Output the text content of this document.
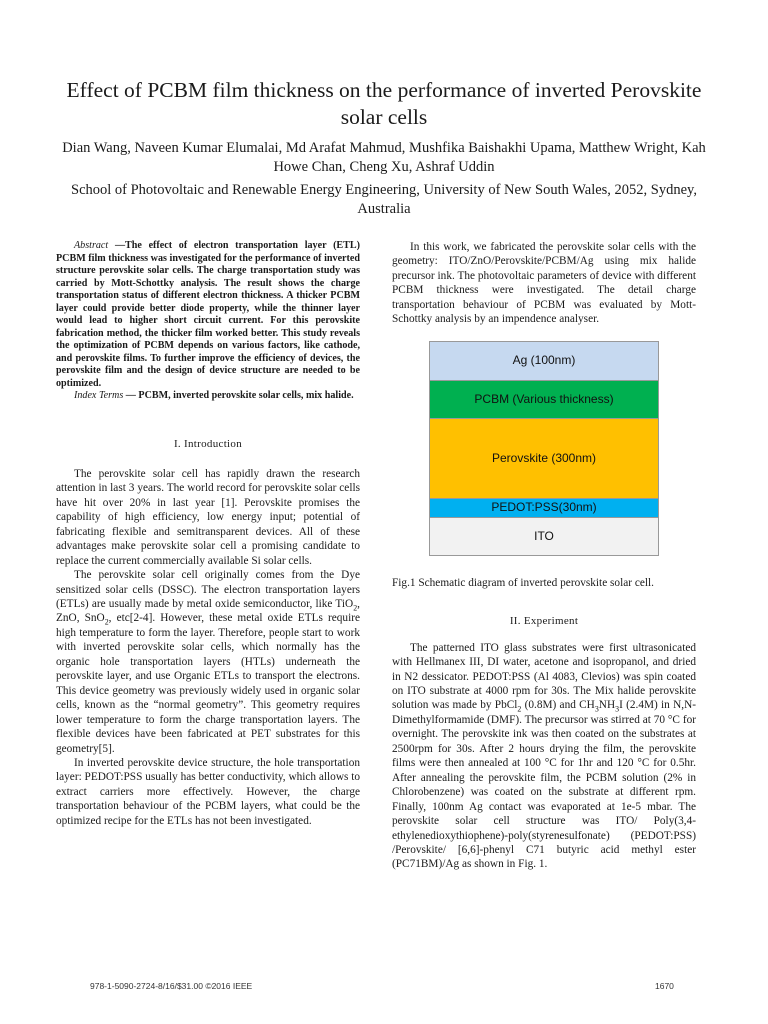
Effect of PCBM film thickness on the performance of inverted Perovskite solar cells
Dian Wang, Naveen Kumar Elumalai, Md Arafat Mahmud, Mushfika Baishakhi Upama, Matthew Wright, Kah Howe Chan, Cheng Xu, Ashraf Uddin
School of Photovoltaic and Renewable Energy Engineering, University of New South Wales, 2052, Sydney, Australia

Abstract —The effect of electron transportation layer (ETL) PCBM film thickness was investigated for the performance of inverted structure perovskite solar cells. The charge transportation study was carried by Mott-Schottky analysis. The result shows the charge transportation status of different electron thickness. A thicker PCBM layer could provide better diode property, while the thinner layer would lead to higher short circuit current. For this perovskite fabrication method, the thicker film worked better. This study reveals the optimization of PCBM depends on various factors, like cathode, and perovskite films. To further improve the efficiency of devices, the perovskite film and the design of device structure are needed to be optimized.

Index Terms — PCBM, inverted perovskite solar cells, mix halide.

I. Introduction

The perovskite solar cell has rapidly drawn the research attention in last 3 years. The world record for perovskite solar cells have hit over 20% in last year [1]. Perovskite promises the capability of high efficiency, low energy input; potential of fabricating flexible and semitransparent devices. All of these advantages make perovskite solar cell a promising candidate to replace the current commercially available Si solar cells.

The perovskite solar cell originally comes from the Dye sensitized solar cells (DSSC). The electron transportation layers (ETLs) are usually made by metal oxide semiconductor, like TiO$_2$, ZnO, SnO$_2$, etc[2-4]. However, these metal oxide ETLs require high temperature to form the layer. Therefore, people start to work with inverted perovskite solar cells, which normally has the organic hole transportation layers (HTLs) underneath the perovskite layer, and use Organic ETLs to transport the electrons. This device geometry was previously widely used in organic solar cells, known as the “normal geometry”. This geometry requires lower temperature to form the charge transportation layers. The flexible devices have been fabricated at PET substrates for this geometry[5].

In inverted perovskite device structure, the hole transportation layer: PEDOT:PSS usually has better conductivity, which allows to extract carriers more effectively. However, the charge transportation behaviour of the PCBM layers, what could be the optimized recipe for the ETLs has not been investigated.

In this work, we fabricated the perovskite solar cells with the geometry: ITO/ZnO/Perovskite/PCBM/Ag using mix halide precursor ink. The photovoltaic parameters of device with different PCBM thickness were investigated. The detail charge transportation behaviour of PCBM was evaluated by Mott-Schottky analysis by an impendence analyser.

Ag (100nm)
PCBM (Various thickness)
Perovskite (300nm)
PEDOT:PSS(30nm)
ITO

Fig.1 Schematic diagram of inverted perovskite solar cell.

II. Experiment

The patterned ITO glass substrates were first ultrasonicated with Hellmanex III, DI water, acetone and isopropanol, and dried in N2 dessicator. PEDOT:PSS (Al 4083, Clevios) was spin coated on ITO substrate at 4000 rpm for 30s. The Mix halide perovskite solution was made by PbCl$_2$ (0.8M) and $CH_3NH_3I$ (2.4M) in N,N-Dimethylformamide (DMF). The precursor was stirred at 70 °C for overnight. The perovskite ink was then coated on the substrates at 2500rpm for 30s. After 2 hours drying the film, the perovskite films were then annealed at 100 °C for 1hr and 120 °C for 0.5hr. After annealing the perovskite film, the PCBM solution (2% in Chlorobenzene) was coated on the substrate at different rpm. Finally, 100nm Ag contact was evaporated at 1e-5 mbar. The perovskite solar cell structure was ITO/ Poly(3,4-ethylenedioxythiophene)-poly(styrenesulfonate) (PEDOT:PSS) /Perovskite/ [6,6]-phenyl C71 butyric acid methyl ester (PC71BM)/Ag as shown in Fig. 1.

978-1-5090-2724-8/16/$31.00 ©2016 IEEE	1670
